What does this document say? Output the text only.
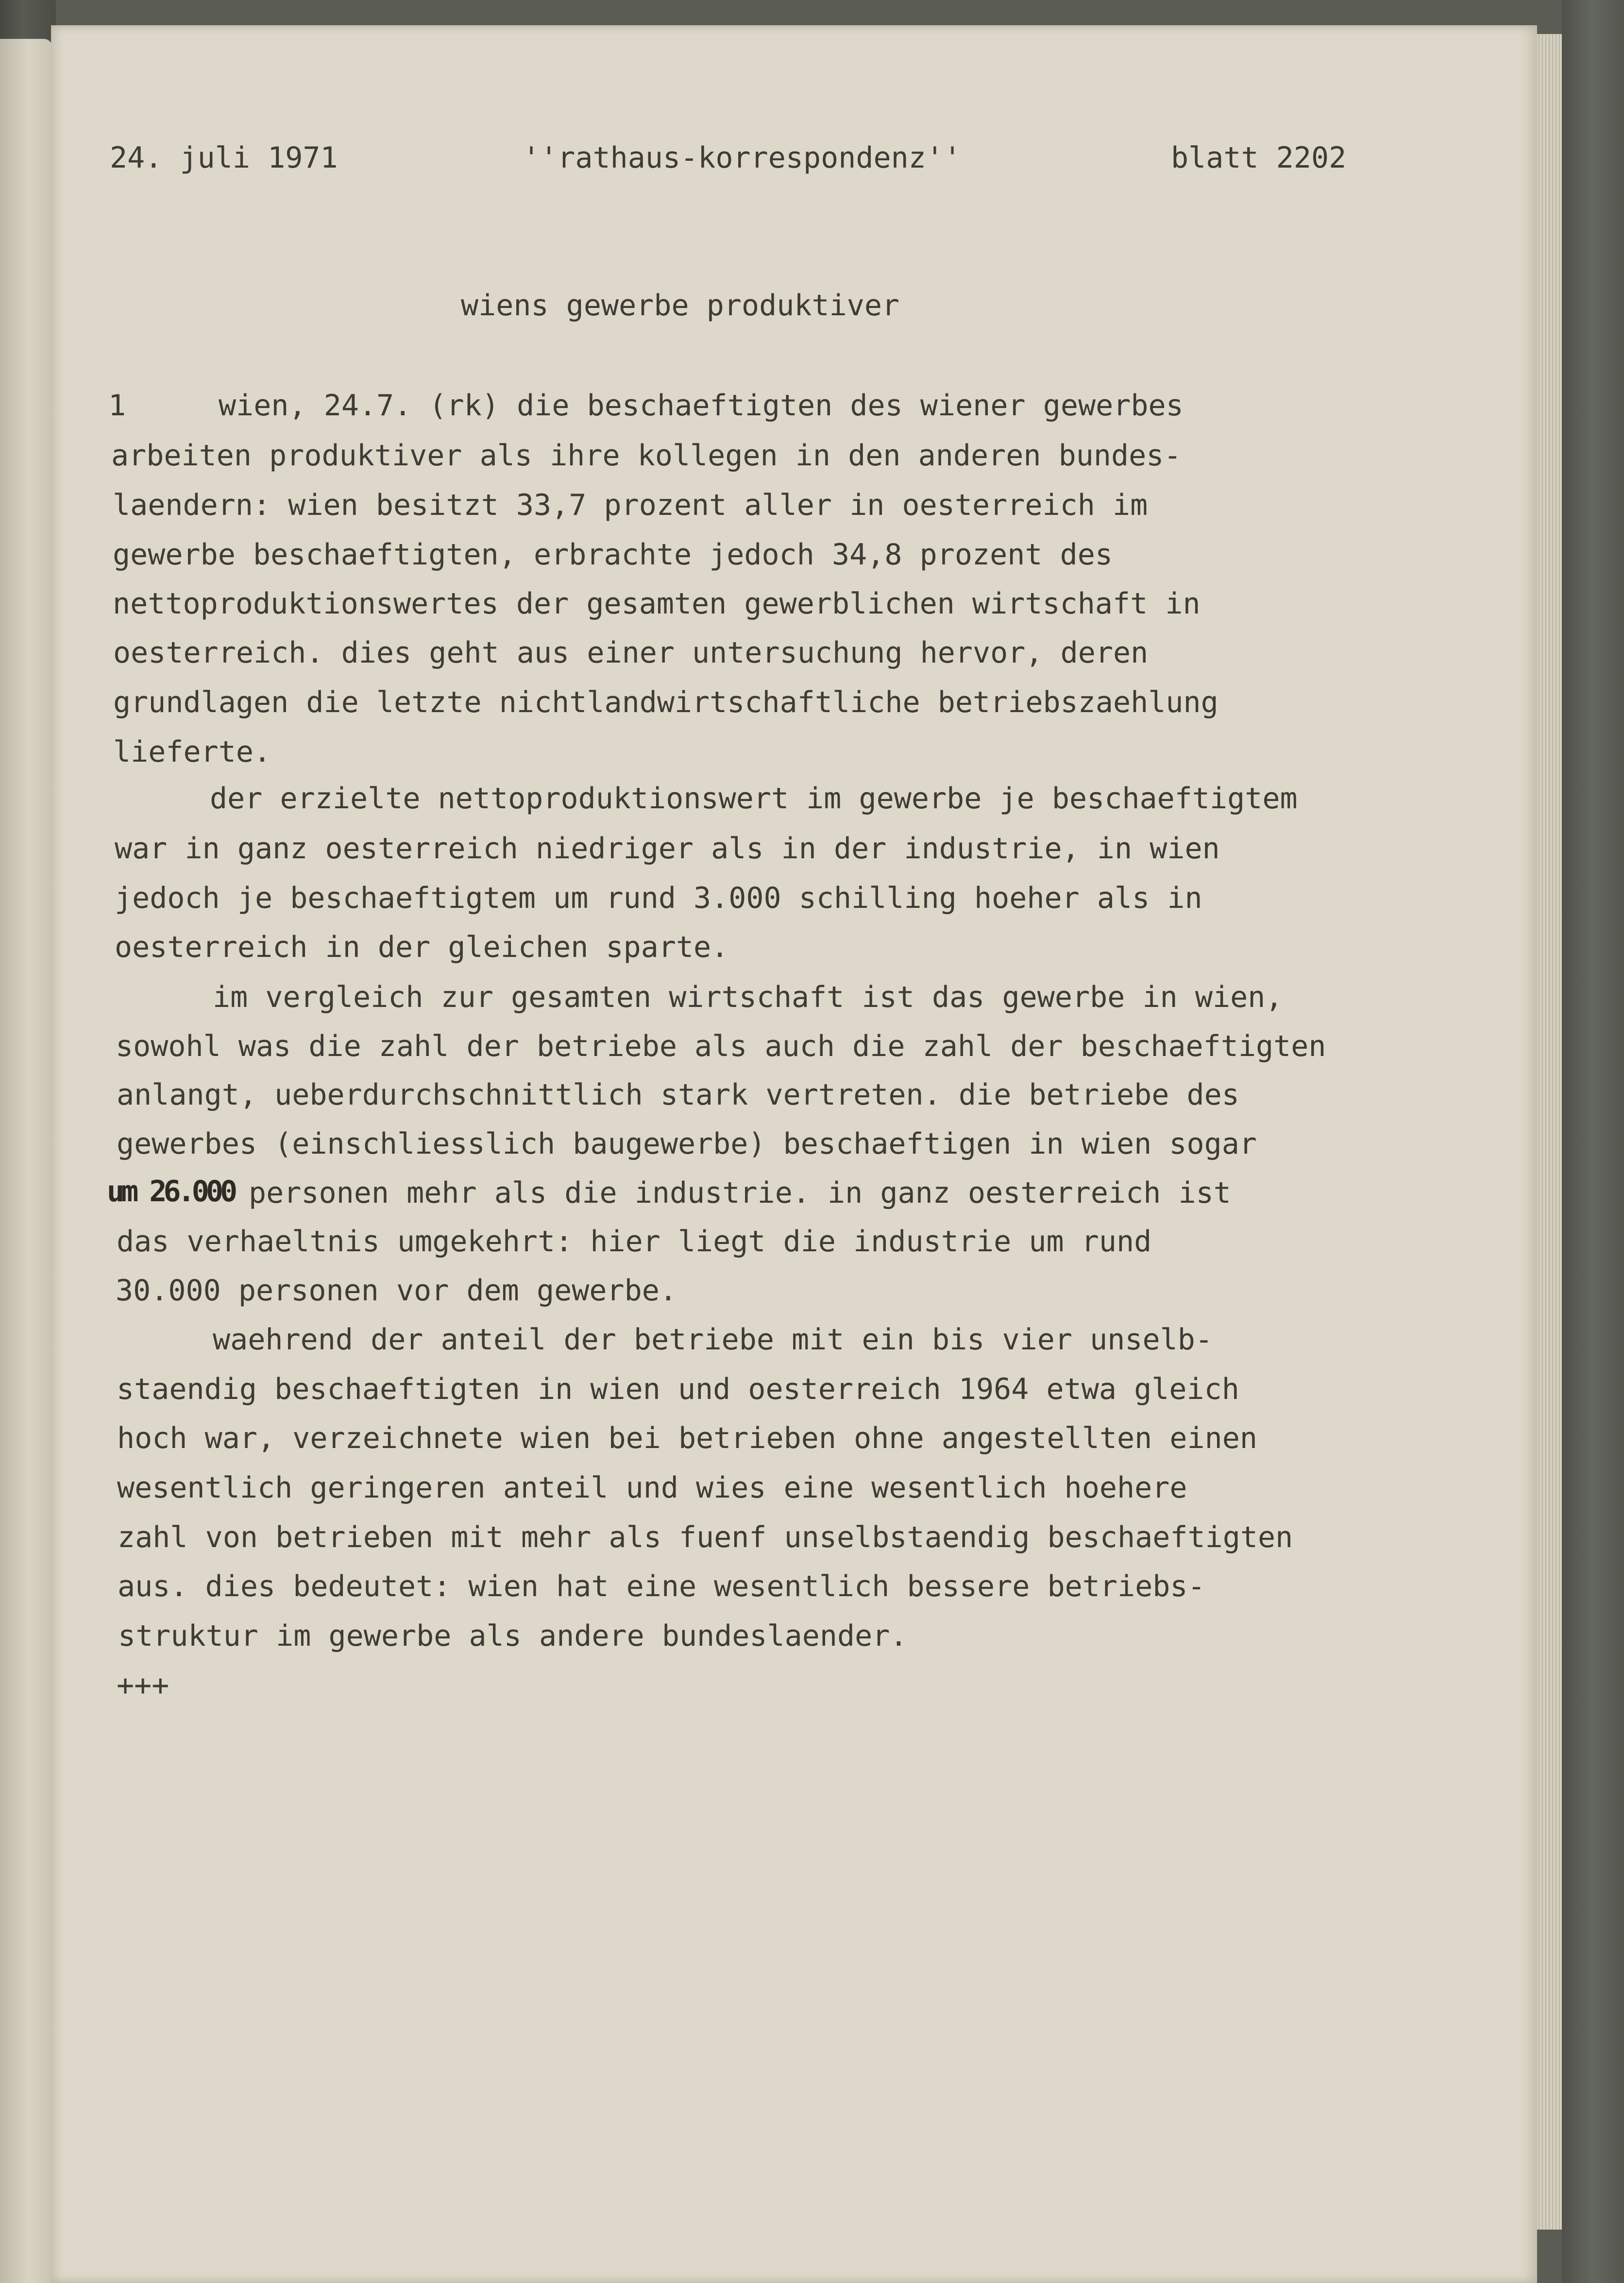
24. juli 1971	''rathaus-korrespondenz''	blatt 2202

wiens gewerbe produktiver

1	wien, 24.7. (rk) die beschaeftigten des wiener gewerbes

arbeiten produktiver als ihre kollegen in den anderen bundes-

laendern: wien besitzt 33,7 prozent aller in oesterreich im

gewerbe beschaeftigten, erbrachte jedoch 34,8 prozent des

nettoproduktionswertes der gesamten gewerblichen wirtschaft in

oesterreich. dies geht aus einer untersuchung hervor, deren

grundlagen die letzte nichtlandwirtschaftliche betriebszaehlung

lieferte.

der erzielte nettoproduktionswert im gewerbe je beschaeftigtem

war in ganz oesterreich niedriger als in der industrie, in wien

jedoch je beschaeftigtem um rund 3.000 schilling hoeher als in

oesterreich in der gleichen sparte.

im vergleich zur gesamten wirtschaft ist das gewerbe in wien,

sowohl was die zahl der betriebe als auch die zahl der beschaeftigten

anlangt, ueberdurchschnittlich stark vertreten. die betriebe des

gewerbes (einschliesslich baugewerbe) beschaeftigen in wien sogar

um 26.000 personen mehr als die industrie. in ganz oesterreich ist

das verhaeltnis umgekehrt: hier liegt die industrie um rund

30.000 personen vor dem gewerbe.

waehrend der anteil der betriebe mit ein bis vier unselb-

staendig beschaeftigten in wien und oesterreich 1964 etwa gleich

hoch war, verzeichnete wien bei betrieben ohne angestellten einen

wesentlich geringeren anteil und wies eine wesentlich hoehere

zahl von betrieben mit mehr als fuenf unselbstaendig beschaeftigten

aus. dies bedeutet: wien hat eine wesentlich bessere betriebs-

struktur im gewerbe als andere bundeslaender.

+++
